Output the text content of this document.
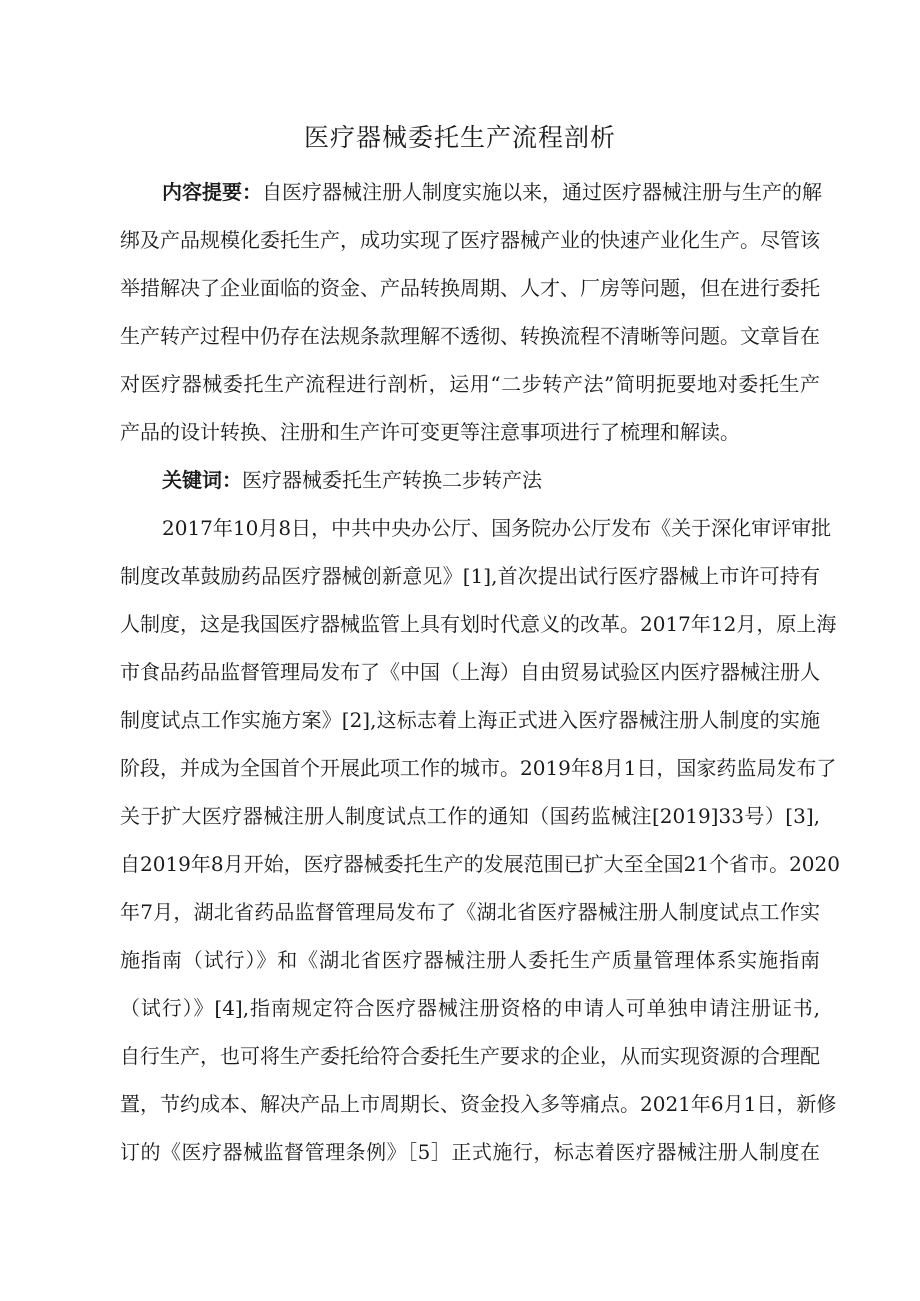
医疗器械委托生产流程剖析
内容提要：自医疗器械注册人制度实施以来，通过医疗器械注册与生产的解
绑及产品规模化委托生产，成功实现了医疗器械产业的快速产业化生产。尽管该
举措解决了企业面临的资金、产品转换周期、人才、厂房等问题，但在进行委托
生产转产过程中仍存在法规条款理解不透彻、转换流程不清晰等问题。文章旨在
对医疗器械委托生产流程进行剖析，运用“二步转产法”简明扼要地对委托生产
产品的设计转换、注册和生产许可变更等注意事项进行了梳理和解读。
关键词：医疗器械委托生产转换二步转产法
2017年10月8日，中共中央办公厅、国务院办公厅发布《关于深化审评审批
制度改革鼓励药品医疗器械创新意见》[1],首次提出试行医疗器械上市许可持有
人制度，这是我国医疗器械监管上具有划时代意义的改革。2017年12月，原上海
市食品药品监督管理局发布了《中国（上海）自由贸易试验区内医疗器械注册人
制度试点工作实施方案》[2],这标志着上海正式进入医疗器械注册人制度的实施
阶段，并成为全国首个开展此项工作的城市。2019年8月1日，国家药监局发布了
关于扩大医疗器械注册人制度试点工作的通知（国药监械注[2019]33号）[3],
自2019年8月开始，医疗器械委托生产的发展范围已扩大至全国21个省市。2020
年7月，湖北省药品监督管理局发布了《湖北省医疗器械注册人制度试点工作实
施指南（试行）》和《湖北省医疗器械注册人委托生产质量管理体系实施指南
（试行）》[4],指南规定符合医疗器械注册资格的申请人可单独申请注册证书,
自行生产，也可将生产委托给符合委托生产要求的企业，从而实现资源的合理配
置，节约成本、解决产品上市周期长、资金投入多等痛点。2021年6月1日，新修
订的《医疗器械监督管理条例》［5］正式施行，标志着医疗器械注册人制度在
